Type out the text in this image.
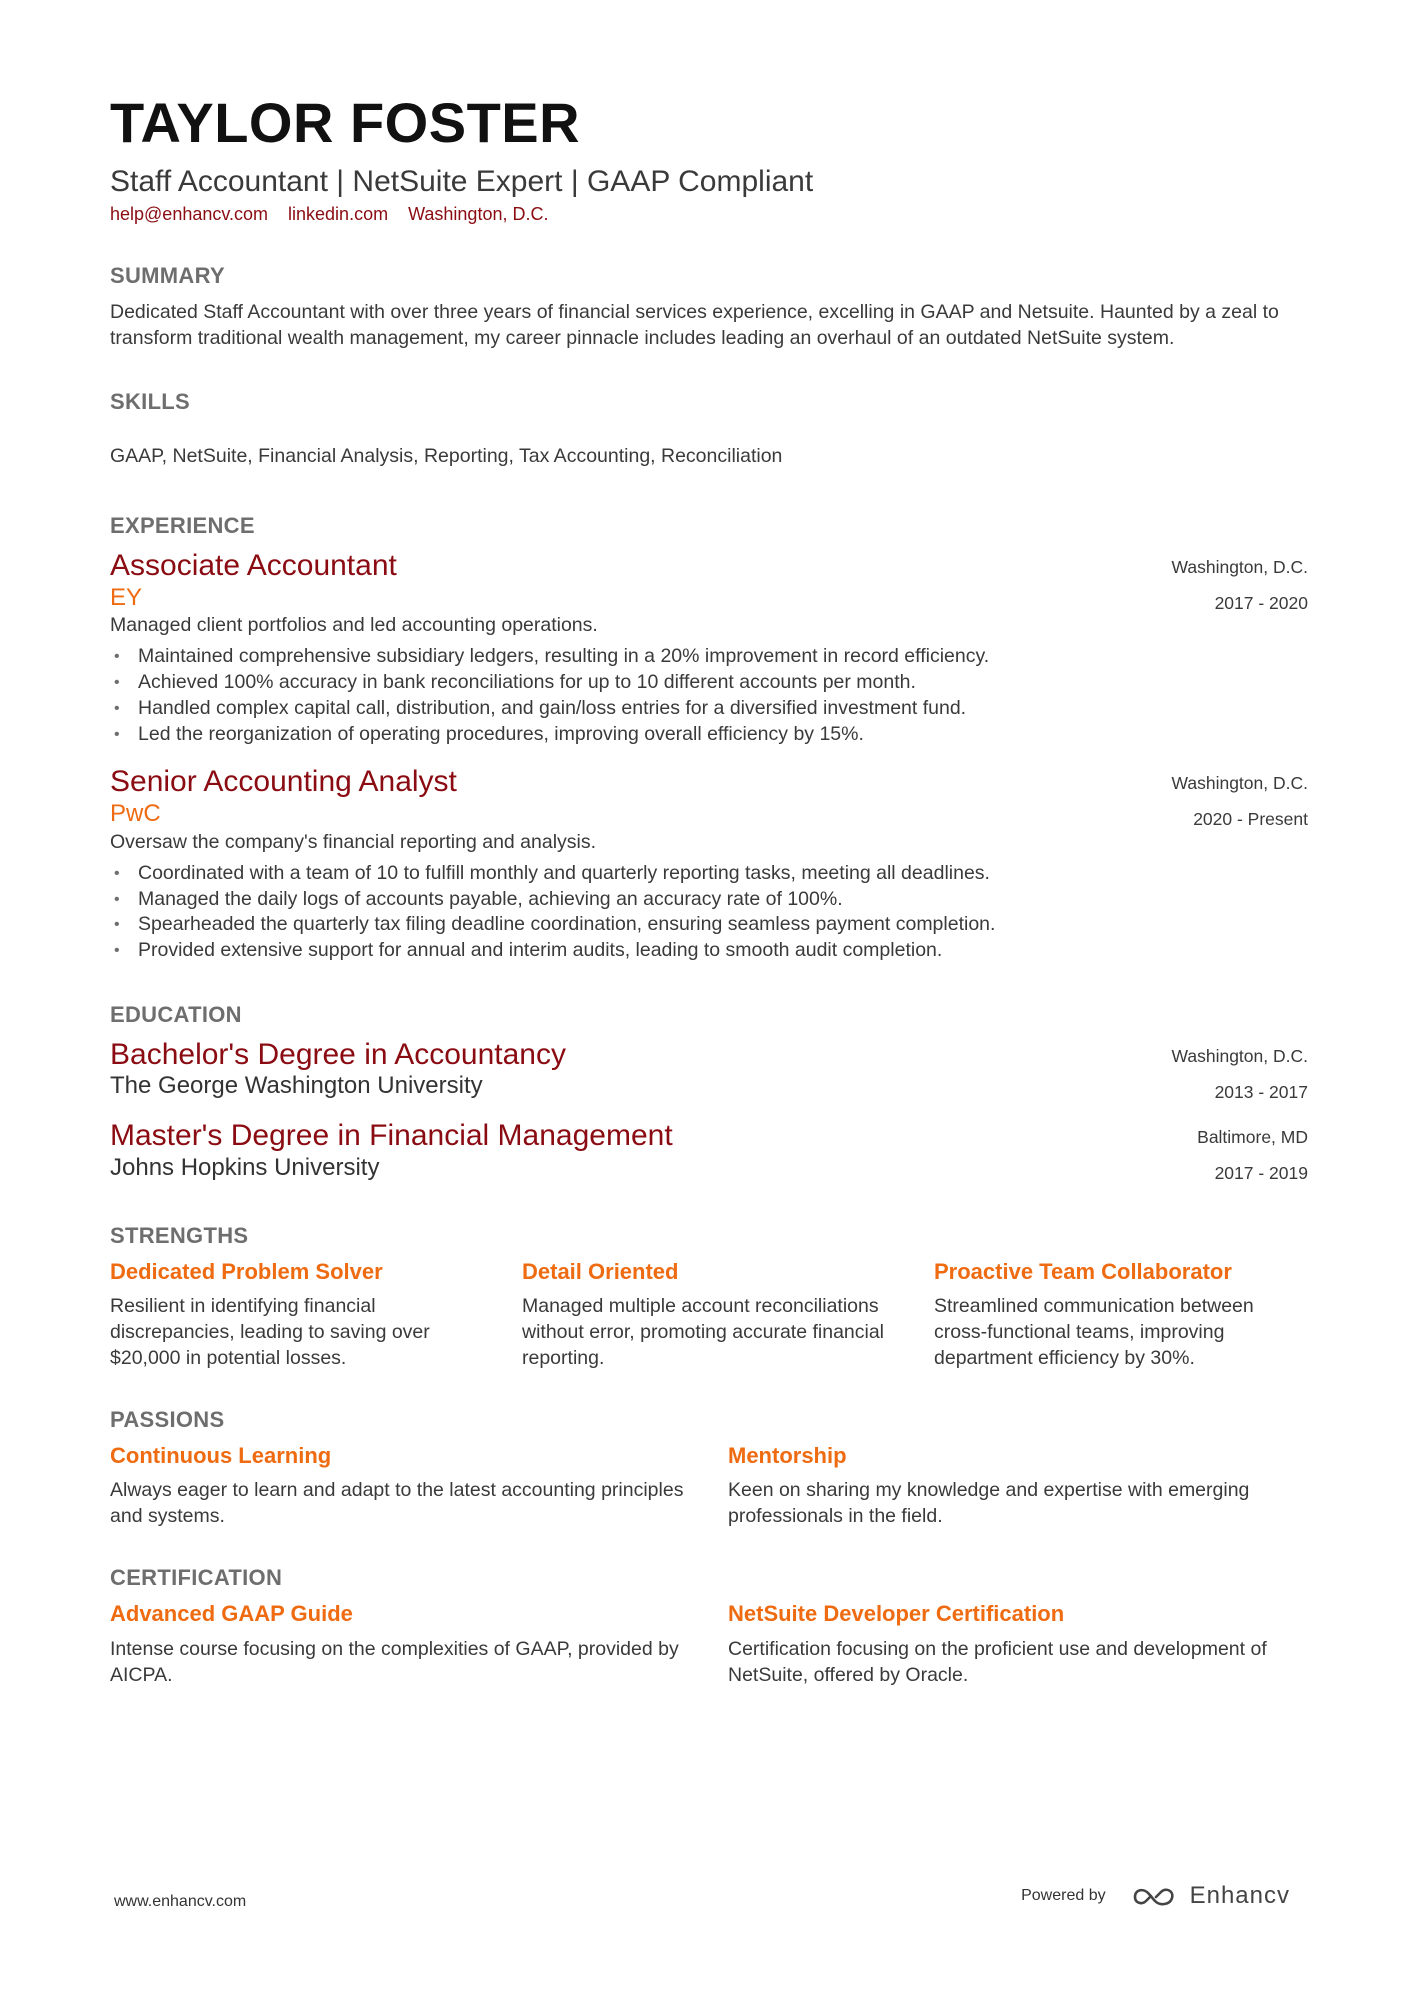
TAYLOR FOSTER
Staff Accountant | NetSuite Expert | GAAP Compliant
help@enhancv.com linkedin.com Washington, D.C.
SUMMARY
Dedicated Staff Accountant with over three years of financial services experience, excelling in GAAP and Netsuite. Haunted by a zeal to transform traditional wealth management, my career pinnacle includes leading an overhaul of an outdated NetSuite system.
SKILLS
GAAP, NetSuite, Financial Analysis, Reporting, Tax Accounting, Reconciliation
EXPERIENCE
Associate Accountant
EY
Washington, D.C.
2017 - 2020
Managed client portfolios and led accounting operations.
• Maintained comprehensive subsidiary ledgers, resulting in a 20% improvement in record efficiency.
• Achieved 100% accuracy in bank reconciliations for up to 10 different accounts per month.
• Handled complex capital call, distribution, and gain/loss entries for a diversified investment fund.
• Led the reorganization of operating procedures, improving overall efficiency by 15%.
Senior Accounting Analyst
PwC
Washington, D.C.
2020 - Present
Oversaw the company's financial reporting and analysis.
• Coordinated with a team of 10 to fulfill monthly and quarterly reporting tasks, meeting all deadlines.
• Managed the daily logs of accounts payable, achieving an accuracy rate of 100%.
• Spearheaded the quarterly tax filing deadline coordination, ensuring seamless payment completion.
• Provided extensive support for annual and interim audits, leading to smooth audit completion.
EDUCATION
Bachelor's Degree in Accountancy
The George Washington University
Washington, D.C.
2013 - 2017
Master's Degree in Financial Management
Johns Hopkins University
Baltimore, MD
2017 - 2019
STRENGTHS
Dedicated Problem Solver
Resilient in identifying financial discrepancies, leading to saving over $20,000 in potential losses.
Detail Oriented
Managed multiple account reconciliations without error, promoting accurate financial reporting.
Proactive Team Collaborator
Streamlined communication between cross-functional teams, improving department efficiency by 30%.
PASSIONS
Continuous Learning
Always eager to learn and adapt to the latest accounting principles and systems.
Mentorship
Keen on sharing my knowledge and expertise with emerging professionals in the field.
CERTIFICATION
Advanced GAAP Guide
Intense course focusing on the complexities of GAAP, provided by AICPA.
NetSuite Developer Certification
Certification focusing on the proficient use and development of NetSuite, offered by Oracle.
www.enhancv.com	Powered by	Enhancv
